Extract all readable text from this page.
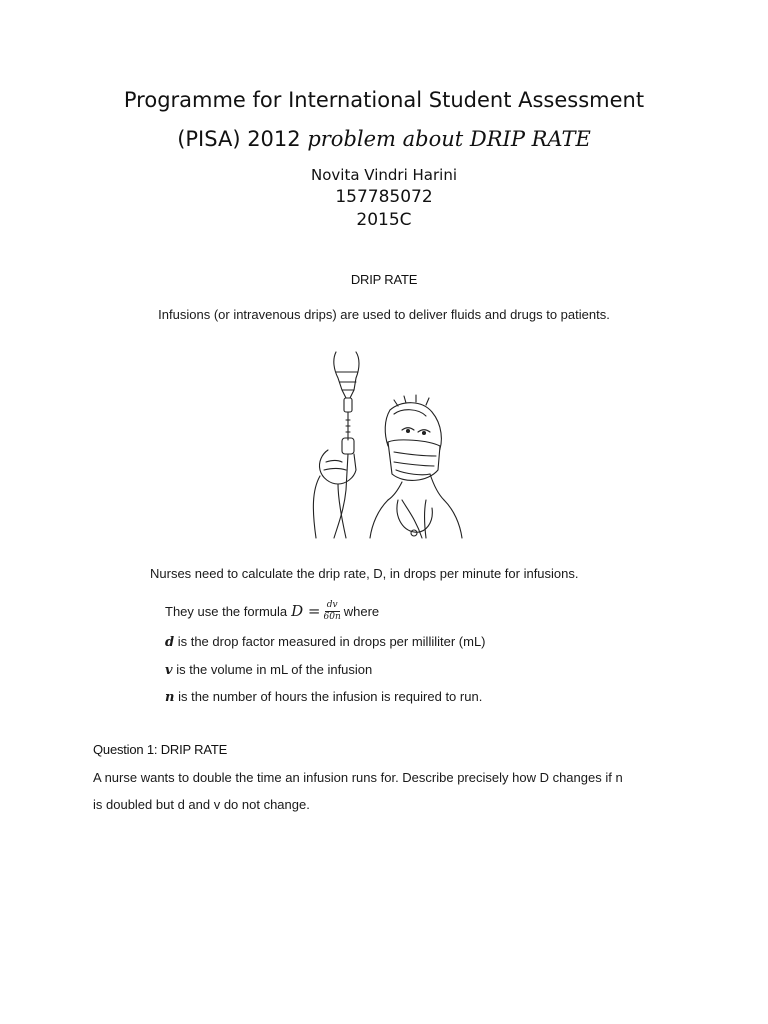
Programme for International Student Assessment
(PISA) 2012 problem about DRIP RATE
Novita Vindri Harini
157785072
2015C
DRIP RATE
Infusions (or intravenous drips) are used to deliver fluids and drugs to patients.
Nurses need to calculate the drip rate, D, in drops per minute for infusions.
They use the formula $D = \frac{dv}{60n}$ where
d is the drop factor measured in drops per milliliter (mL)
v is the volume in mL of the infusion
n is the number of hours the infusion is required to run.
Question 1: DRIP RATE
A nurse wants to double the time an infusion runs for. Describe precisely how D changes if n
is doubled but d and v do not change.
